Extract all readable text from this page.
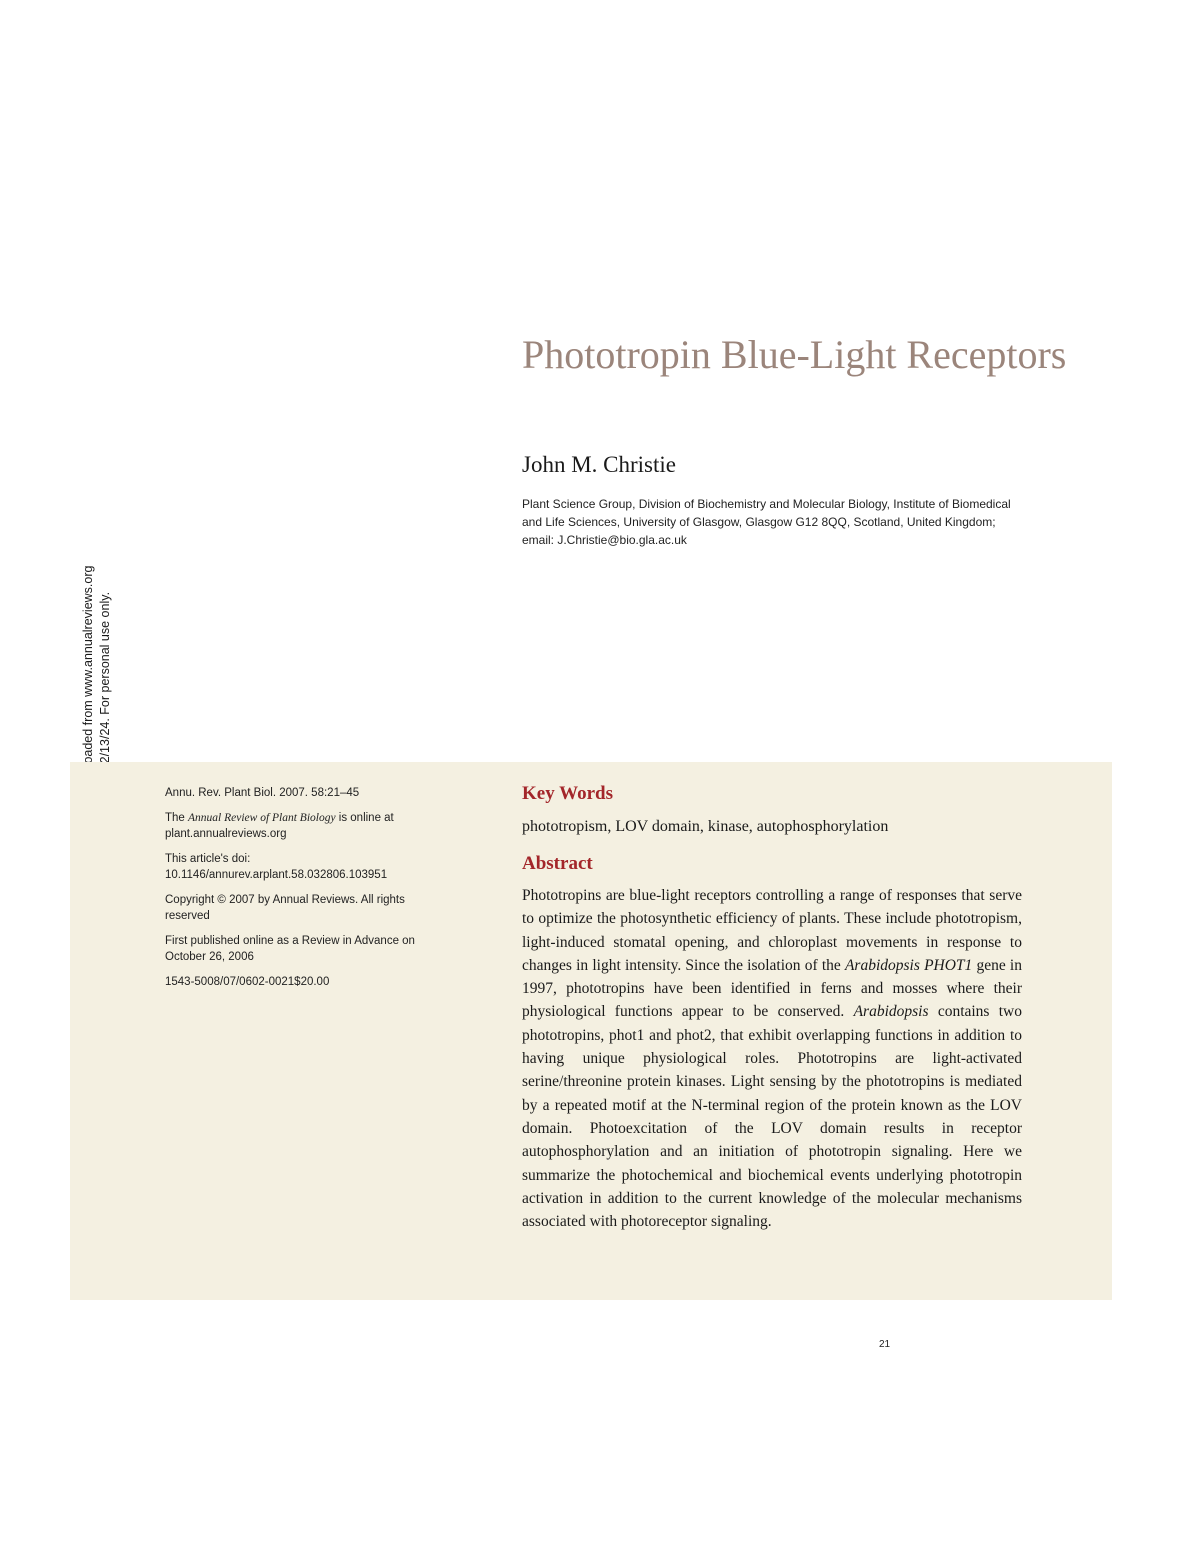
Phototropin Blue-Light Receptors
John M. Christie
Plant Science Group, Division of Biochemistry and Molecular Biology, Institute of Biomedical and Life Sciences, University of Glasgow, Glasgow G12 8QQ, Scotland, United Kingdom; email: J.Christie@bio.gla.ac.uk

Annu. Rev. Plant Biol. 2007. 58:21–45

The Annual Review of Plant Biology is online at plant.annualreviews.org

This article's doi:
10.1146/annurev.arplant.58.032806.103951

Copyright © 2007 by Annual Reviews. All rights reserved

First published online as a Review in Advance on October 26, 2006

1543-5008/07/0602-0021$20.00

Key Words
phototropism, LOV domain, kinase, autophosphorylation
Abstract

Phototropins are blue-light receptors controlling a range of responses that serve to optimize the photosynthetic efficiency of plants. These include phototropism, light-induced stomatal opening, and chloroplast movements in response to changes in light intensity. Since the isolation of the Arabidopsis PHOT1 gene in 1997, phototropins have been identified in ferns and mosses where their physiological functions appear to be conserved. Arabidopsis contains two phototropins, phot1 and phot2, that exhibit overlapping functions in addition to having unique physiological roles. Phototropins are light-activated serine/threonine protein kinases. Light sensing by the phototropins is mediated by a repeated motif at the N-terminal region of the protein known as the LOV domain. Photoexcitation of the LOV domain results in receptor autophosphorylation and an initiation of phototropin signaling. Here we summarize the photochemical and biochemical events underlying phototropin activation in addition to the current knowledge of the molecular mechanisms associated with photoreceptor signaling.

21
